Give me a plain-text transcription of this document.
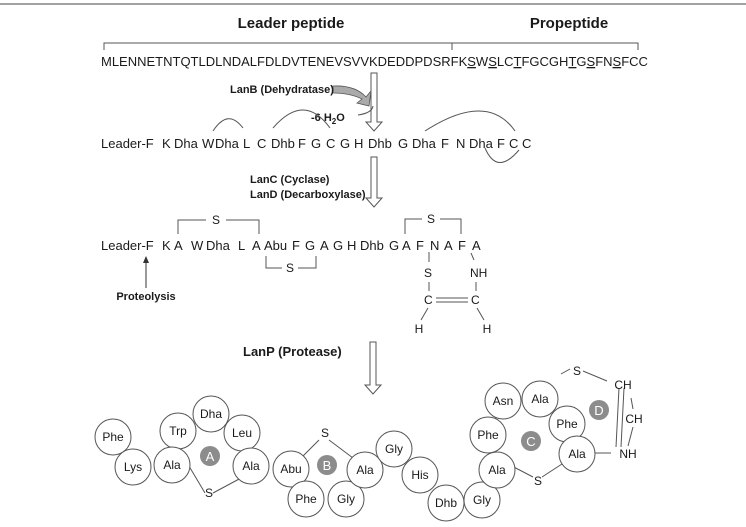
Leader peptide	Propeptide
MLENNETNTQTLDLNDALFDLDVTENEVSVVKDEDDPDSRFKSWSLCTFGCGHTGSFNSFCC
LanB (Dehydratase)
-6 $H_2O$
Leader-F K Dha W Dha L C Dhb F G C G H Dhb G Dha F N Dha F C C
LanC (Cyclase)
LanD (Decarboxylase)
S
S
S
Leader-F K A W Dha L A Abu F G A G H Dhb G A F N A F A
S	NH
C	C
H	H
Proteolysis
LanP (Protease)
S
S
S
S
CH
CH
NH
Phe
Lys
Trp
Ala
Dha
Leu
Ala Abu
Phe Gly
Ala
Gly
His
Dhb Gly
Ala
Phe
Asn Ala
Phe
Ala
A
B
C
D
